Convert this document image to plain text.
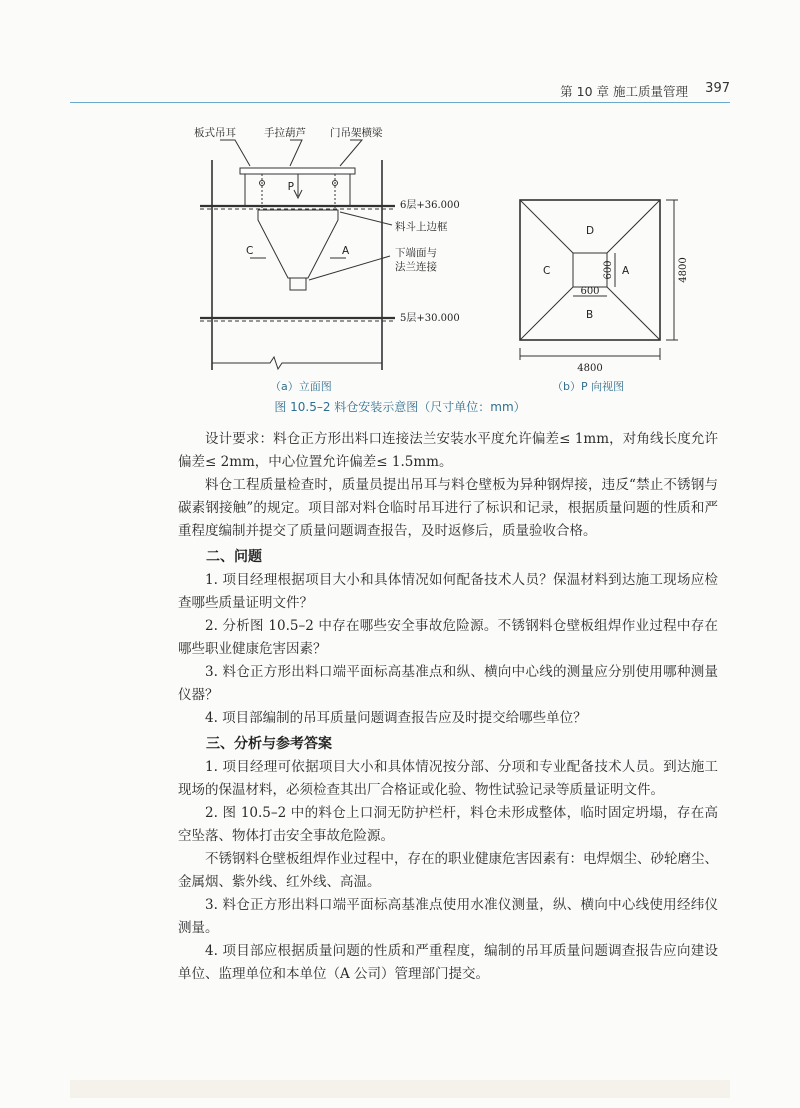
第 10 章 施工质量管理 397
板式吊耳	手拉葫芦 门吊架横梁
P
6层+36.000
料斗上边框
下端面与
法兰连接
C	A
5层+30.000
D
C	A
B
600
600
4800
4800
（a）立面图	（b）P 向视图
图 10.5–2 料仓安装示意图（尺寸单位：mm）

设计要求：料仓正方形出料口连接法兰安装水平度允许偏差≤ 1mm，对角线长度允许偏差≤ 2mm，中心位置允许偏差≤ 1.5mm。

料仓工程质量检查时，质量员提出吊耳与料仓壁板为异种钢焊接，违反“禁止不锈钢与碳素钢接触”的规定。项目部对料仓临时吊耳进行了标识和记录，根据质量问题的性质和严重程度编制并提交了质量问题调查报告，及时返修后，质量验收合格。

二、问题

1. 项目经理根据项目大小和具体情况如何配备技术人员？保温材料到达施工现场应检查哪些质量证明文件？

2. 分析图 10.5–2 中存在哪些安全事故危险源。不锈钢料仓壁板组焊作业过程中存在哪些职业健康危害因素？

3. 料仓正方形出料口端平面标高基准点和纵、横向中心线的测量应分别使用哪种测量仪器？

4. 项目部编制的吊耳质量问题调查报告应及时提交给哪些单位？

三、分析与参考答案

1. 项目经理可依据项目大小和具体情况按分部、分项和专业配备技术人员。到达施工现场的保温材料，必须检查其出厂合格证或化验、物性试验记录等质量证明文件。

2. 图 10.5–2 中的料仓上口洞无防护栏杆，料仓未形成整体，临时固定坍塌，存在高空坠落、物体打击安全事故危险源。

不锈钢料仓壁板组焊作业过程中，存在的职业健康危害因素有：电焊烟尘、砂轮磨尘、金属烟、紫外线、红外线、高温。

3. 料仓正方形出料口端平面标高基准点使用水准仪测量，纵、横向中心线使用经纬仪测量。

4. 项目部应根据质量问题的性质和严重程度，编制的吊耳质量问题调查报告应向建设单位、监理单位和本单位（A 公司）管理部门提交。
